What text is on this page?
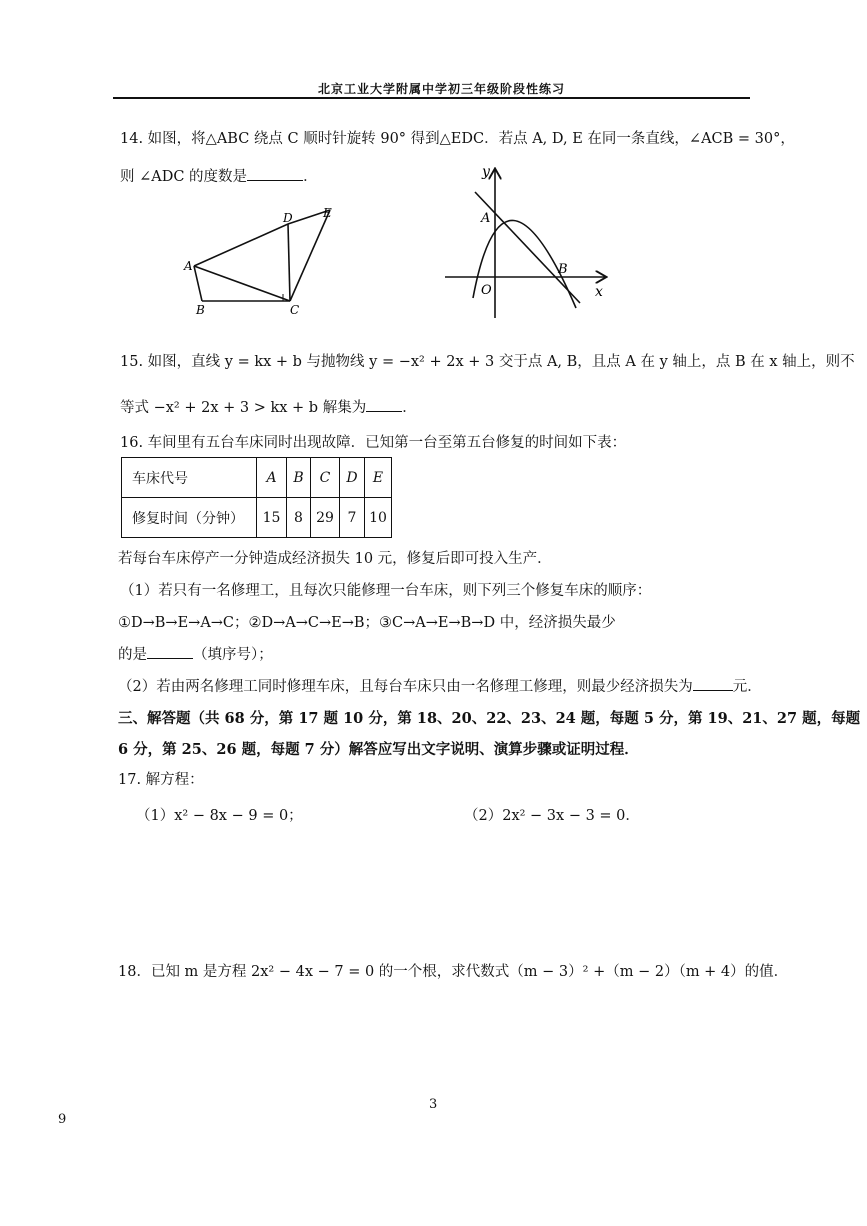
北京工业大学附属中学初三年级阶段性练习
14. 如图，将△ABC 绕点 C 顺时针旋转 90° 得到△EDC．若点 A, D, E 在同一条直线，∠ACB = 30°，
则 ∠ADC 的度数是	．
A
B	C
D	E
y
x
O
A
B
15. 如图，直线 y = kx + b 与抛物线 y = −x² + 2x + 3 交于点 A, B，且点 A 在 y 轴上，点 B 在 x 轴上，则不
等式 −x² + 2x + 3 > kx + b 解集为 ．
16. 车间里有五台车床同时出现故障．已知第一台至第五台修复的时间如下表：
车床代号	A	B	C	D	E
修复时间（分钟）	15	8	29	7	10
若每台车床停产一分钟造成经济损失 10 元，修复后即可投入生产．
（1）若只有一名修理工，且每次只能修理一台车床，则下列三个修复车床的顺序：
①D→B→E→A→C；②D→A→C→E→B；③C→A→E→B→D 中，经济损失最少
的是	（填序号）；
（2）若由两名修理工同时修理车床，且每台车床只由一名修理工修理，则最少经济损失为	元．
三、解答题（共 68 分，第 17 题 10 分，第 18、20、22、23、24 题，每题 5 分，第 19、21、27 题，每题
6 分，第 25、26 题，每题 7 分）解答应写出文字说明、演算步骤或证明过程．
17. 解方程：
（1）x² − 8x − 9 = 0；	（2）2x² − 3x − 3 = 0．
18．已知 m 是方程 2x² − 4x − 7 = 0 的一个根，求代数式（m − 3）² +（m − 2）（m + 4）的值．
3
9
